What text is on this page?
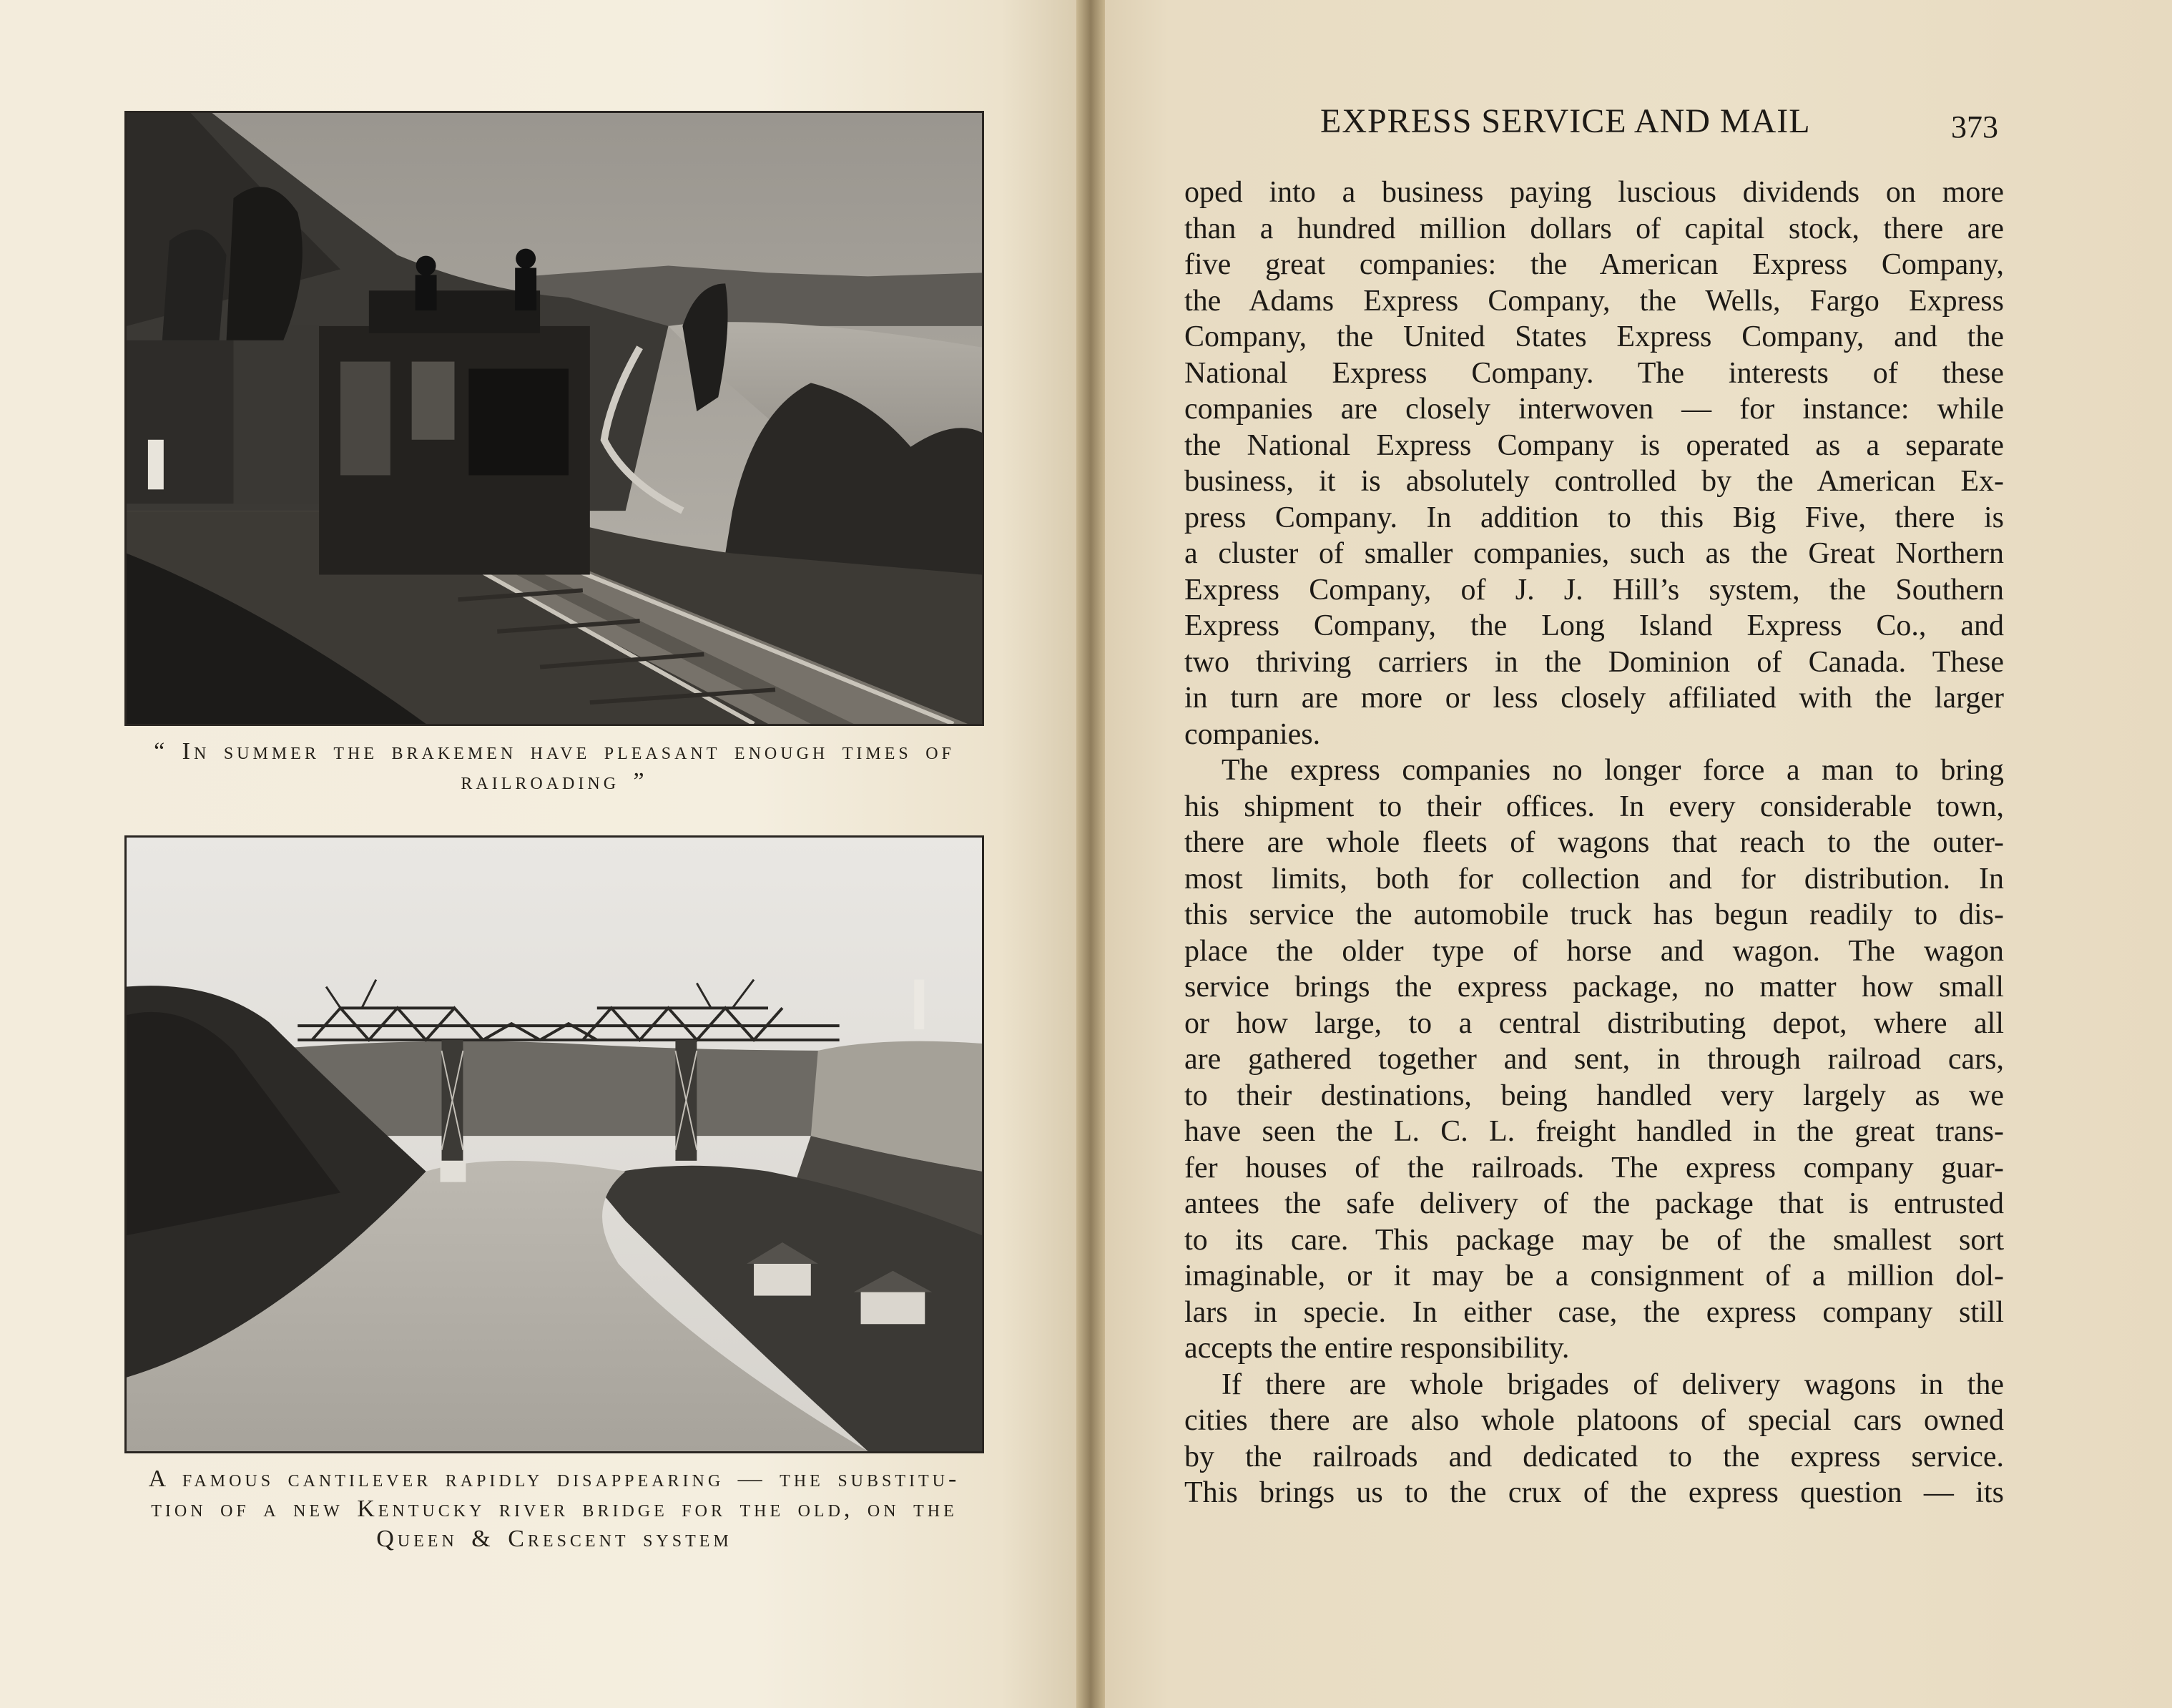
“ In summer the brakemen have pleasant enough times of
railroading ”
A famous cantilever rapidly disappearing — the substitu-
tion of a new Kentucky river bridge for the old, on the
Queen & Crescent system
EXPRESS SERVICE AND MAIL	373

oped into a business paying luscious dividends on more

than a hundred million dollars of capital stock, there are

five great companies: the American Express Company,

the Adams Express Company, the Wells, Fargo Express

Company, the United States Express Company, and the

National Express Company. The interests of these

companies are closely interwoven — for instance: while

the National Express Company is operated as a separate

business, it is absolutely controlled by the American Ex-

press Company. In addition to this Big Five, there is

a cluster of smaller companies, such as the Great Northern

Express Company, of J. J. Hill’s system, the Southern

Express Company, the Long Island Express Co., and

two thriving carriers in the Dominion of Canada. These

in turn are more or less closely affiliated with the larger

companies.

The express companies no longer force a man to bring

his shipment to their offices. In every considerable town,

there are whole fleets of wagons that reach to the outer-

most limits, both for collection and for distribution. In

this service the automobile truck has begun readily to dis-

place the older type of horse and wagon. The wagon

service brings the express package, no matter how small

or how large, to a central distributing depot, where all

are gathered together and sent, in through railroad cars,

to their destinations, being handled very largely as we

have seen the L. C. L. freight handled in the great trans-

fer houses of the railroads. The express company guar-

antees the safe delivery of the package that is entrusted

to its care. This package may be of the smallest sort

imaginable, or it may be a consignment of a million dol-

lars in specie. In either case, the express company still

accepts the entire responsibility.

If there are whole brigades of delivery wagons in the

cities there are also whole platoons of special cars owned

by the railroads and dedicated to the express service.

This brings us to the crux of the express question — its
